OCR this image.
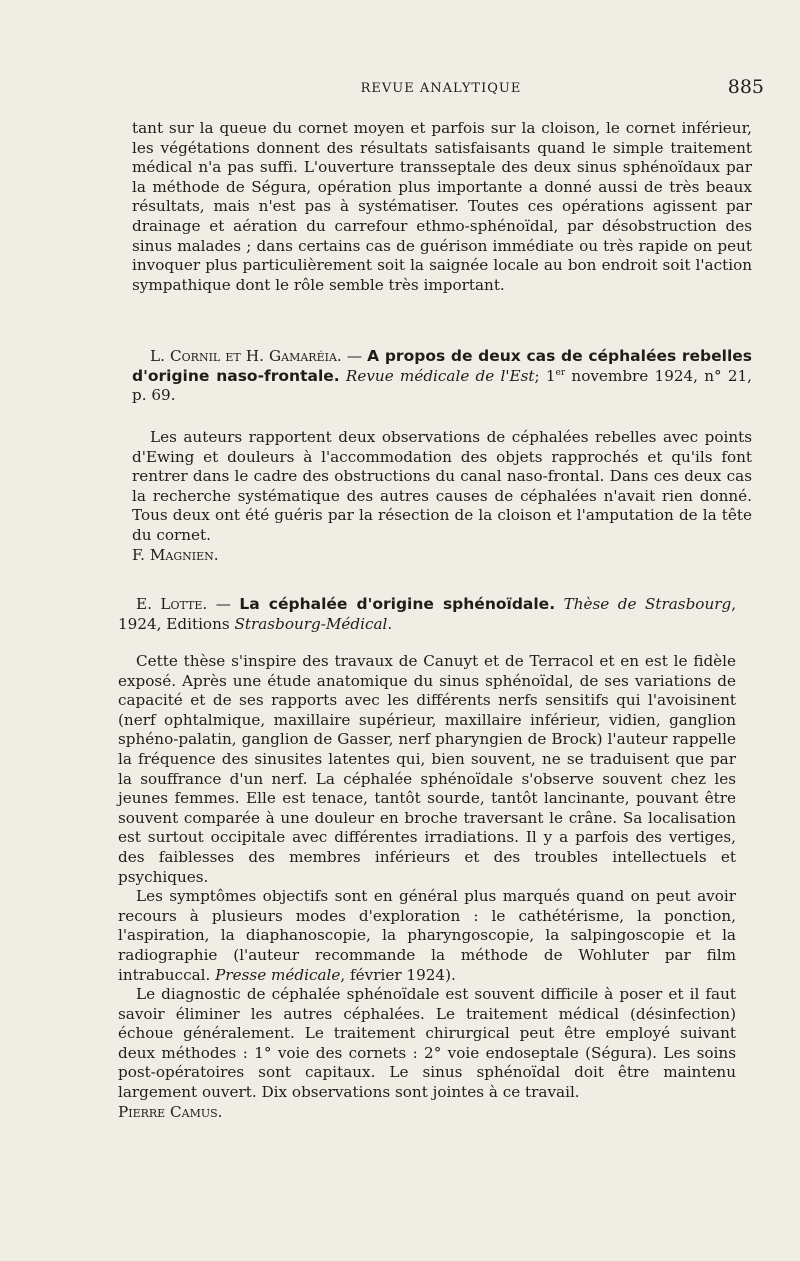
REVUE ANALYTIQUE	885

tant sur la queue du cornet moyen et parfois sur la cloison, le cornet inférieur, les végétations donnent des résultats satisfaisants quand le simple traitement médical n'a pas suffi. L'ouverture transseptale des deux sinus sphénoïdaux par la méthode de Ségura, opération plus importante a donné aussi de très beaux résultats, mais n'est pas à systématiser. Toutes ces opérations agissent par drainage et aération du carrefour ethmo-sphénoïdal, par désobstruction des sinus malades ; dans certains cas de guérison immédiate ou très rapide on peut invoquer plus particulièrement soit la saignée locale au bon endroit soit l'action sympathique dont le rôle semble très important.

L. Cornil et H. Gamaréia. — A propos de deux cas de céphalées rebelles d'origine naso-frontale. Revue médicale de l'Est; 1er novembre 1924, n° 21, p. 69.

Les auteurs rapportent deux observations de céphalées rebelles avec points d'Ewing et douleurs à l'accommodation des objets rapprochés et qu'ils font rentrer dans le cadre des obstructions du canal naso-frontal. Dans ces deux cas la recherche systématique des autres causes de céphalées n'avait rien donné. Tous deux ont été guéris par la résection de la cloison et l'amputation de la tête du cornet.

F. Magnien.

E. Lotte. — La céphalée d'origine sphénoïdale. Thèse de Strasbourg, 1924, Editions Strasbourg-Médical.

Cette thèse s'inspire des travaux de Canuyt et de Terracol et en est le fidèle exposé. Après une étude anatomique du sinus sphénoïdal, de ses variations de capacité et de ses rapports avec les différents nerfs sensitifs qui l'avoisinent (nerf ophtalmique, maxillaire supérieur, maxillaire inférieur, vidien, ganglion sphéno-palatin, ganglion de Gasser, nerf pharyngien de Brock) l'auteur rappelle la fréquence des sinusites latentes qui, bien souvent, ne se traduisent que par la souffrance d'un nerf. La céphalée sphénoïdale s'observe souvent chez les jeunes femmes. Elle est tenace, tantôt sourde, tantôt lancinante, pouvant être souvent comparée à une douleur en broche traversant le crâne. Sa localisation est surtout occipitale avec différentes irradiations. Il y a parfois des vertiges, des faiblesses des membres inférieurs et des troubles intellectuels et psychiques.

Les symptômes objectifs sont en général plus marqués quand on peut avoir recours à plusieurs modes d'exploration : le cathétérisme, la ponction, l'aspiration, la diaphanoscopie, la pharyngoscopie, la salpingoscopie et la radiographie (l'auteur recommande la méthode de Wohluter par film intrabuccal. Presse médicale, février 1924).

Le diagnostic de céphalée sphénoïdale est souvent difficile à poser et il faut savoir éliminer les autres céphalées. Le traitement médical (désinfection) échoue généralement. Le traitement chirurgical peut être employé suivant deux méthodes : 1° voie des cornets : 2° voie endoseptale (Ségura). Les soins post-opératoires sont capitaux. Le sinus sphénoïdal doit être maintenu largement ouvert. Dix observations sont jointes à ce travail.

Pierre Camus.
